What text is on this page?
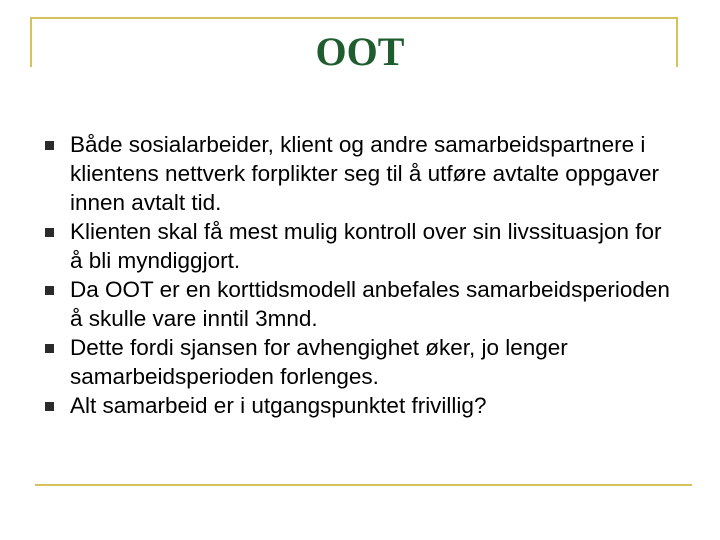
OOT
Både sosialarbeider, klient og andre samarbeidspartnere i klientens nettverk forplikter seg til å utføre avtalte oppgaver innen avtalt tid.
Klienten skal få mest mulig kontroll over sin livssituasjon for å bli myndiggjort.
Da OOT er en korttidsmodell anbefales samarbeidsperioden å skulle vare inntil 3mnd.
Dette fordi sjansen for avhengighet øker, jo lenger samarbeidsperioden forlenges.
Alt samarbeid er i utgangspunktet frivillig?
